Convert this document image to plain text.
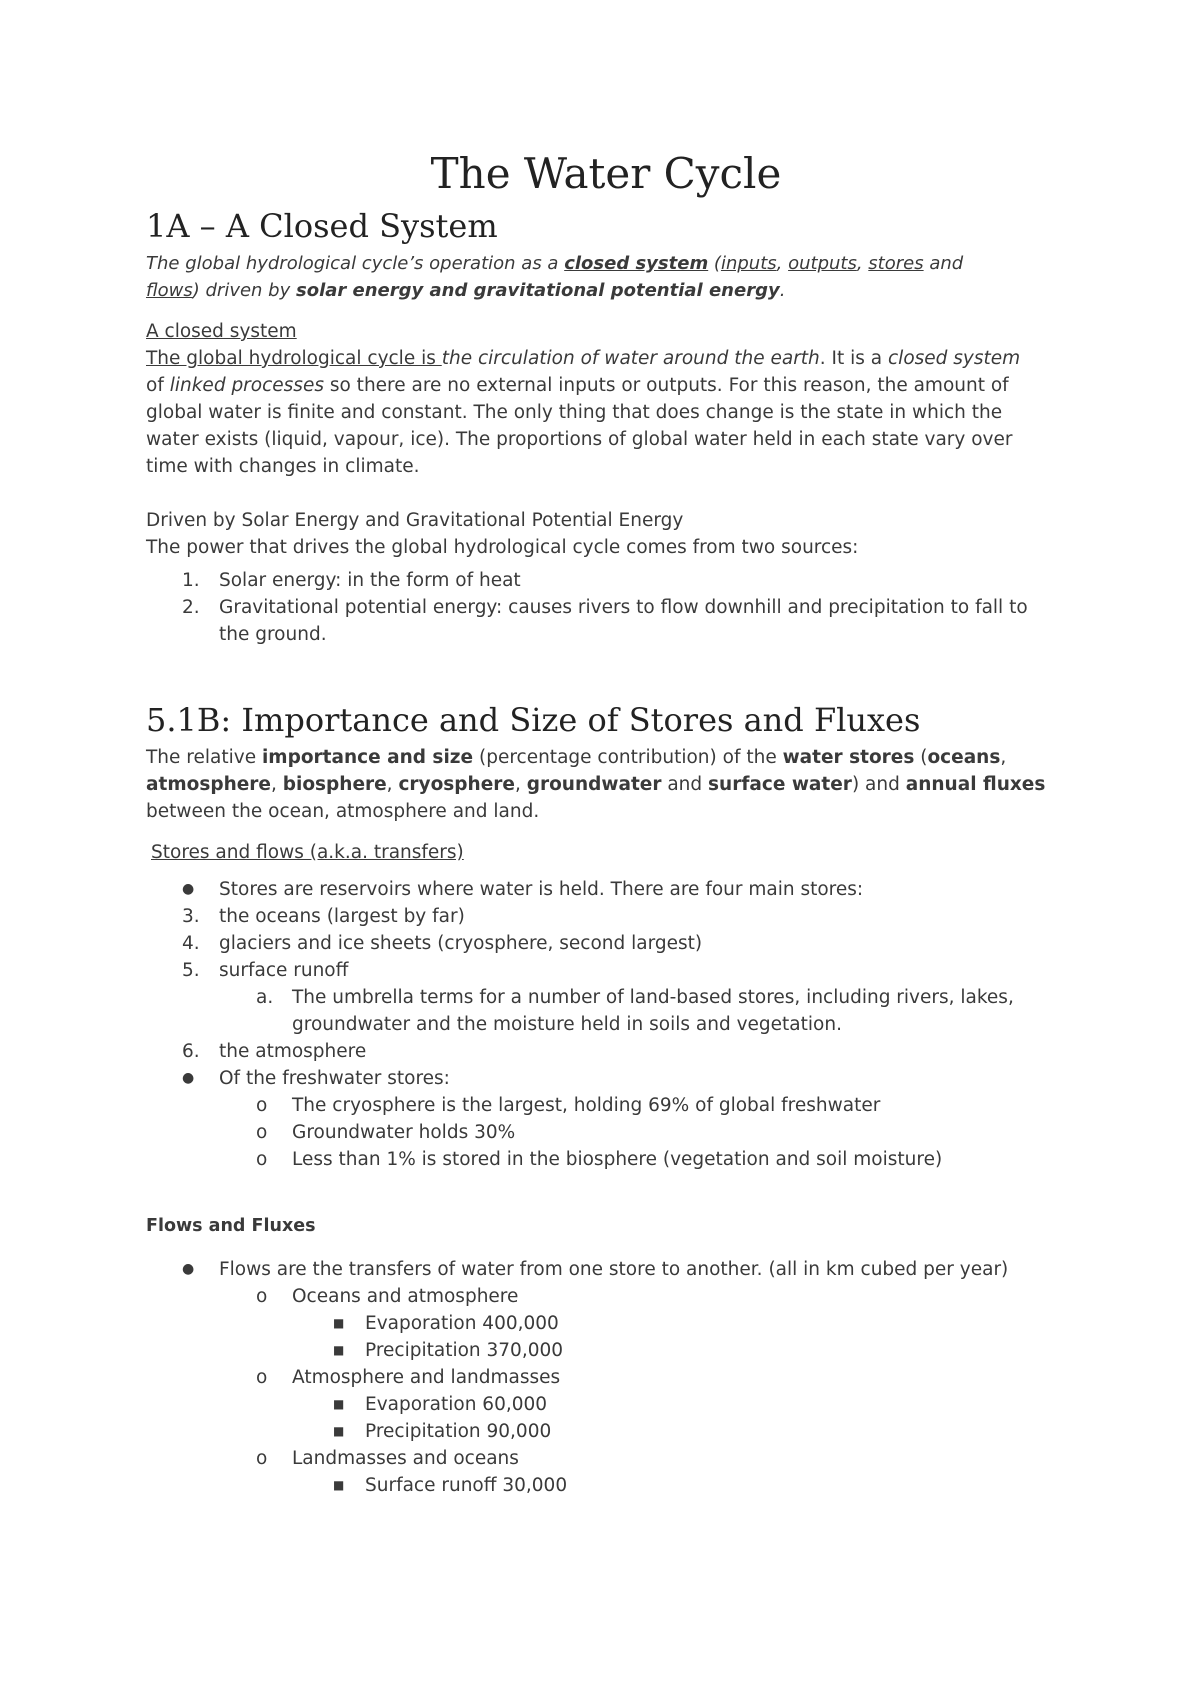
The Water Cycle
1A – A Closed System

The global hydrological cycle’s operation as a closed system (inputs, outputs, stores and
flows) driven by solar energy and gravitational potential energy.

A closed system

The global hydrological cycle is the circulation of water around the earth. It is a closed system
of linked processes so there are no external inputs or outputs. For this reason, the amount of
global water is finite and constant. The only thing that does change is the state in which the
water exists (liquid, vapour, ice). The proportions of global water held in each state vary over
time with changes in climate.

Driven by Solar Energy and Gravitational Potential Energy

The power that drives the global hydrological cycle comes from two sources:

1. Solar energy: in the form of heat
2. Gravitational potential energy: causes rivers to flow downhill and precipitation to fall to
the ground.
5.1B: Importance and Size of Stores and Fluxes

The relative importance and size (percentage contribution) of the water stores (oceans,
atmosphere, biosphere, cryosphere, groundwater and surface water) and annual fluxes
between the ocean, atmosphere and land.

Stores and flows (a.k.a. transfers)

● Stores are reservoirs where water is held. There are four main stores:
3. the oceans (largest by far)
4. glaciers and ice sheets (cryosphere, second largest)
5. surface runoff
a. The umbrella terms for a number of land-based stores, including rivers, lakes,
groundwater and the moisture held in soils and vegetation.
6. the atmosphere
● Of the freshwater stores:
o The cryosphere is the largest, holding 69% of global freshwater
o Groundwater holds 30%
o Less than 1% is stored in the biosphere (vegetation and soil moisture)

Flows and Fluxes

● Flows are the transfers of water from one store to another. (all in km cubed per year)
o Oceans and atmosphere
■ Evaporation 400,000
■ Precipitation 370,000
o Atmosphere and landmasses
■ Evaporation 60,000
■ Precipitation 90,000
o Landmasses and oceans
■ Surface runoff 30,000
